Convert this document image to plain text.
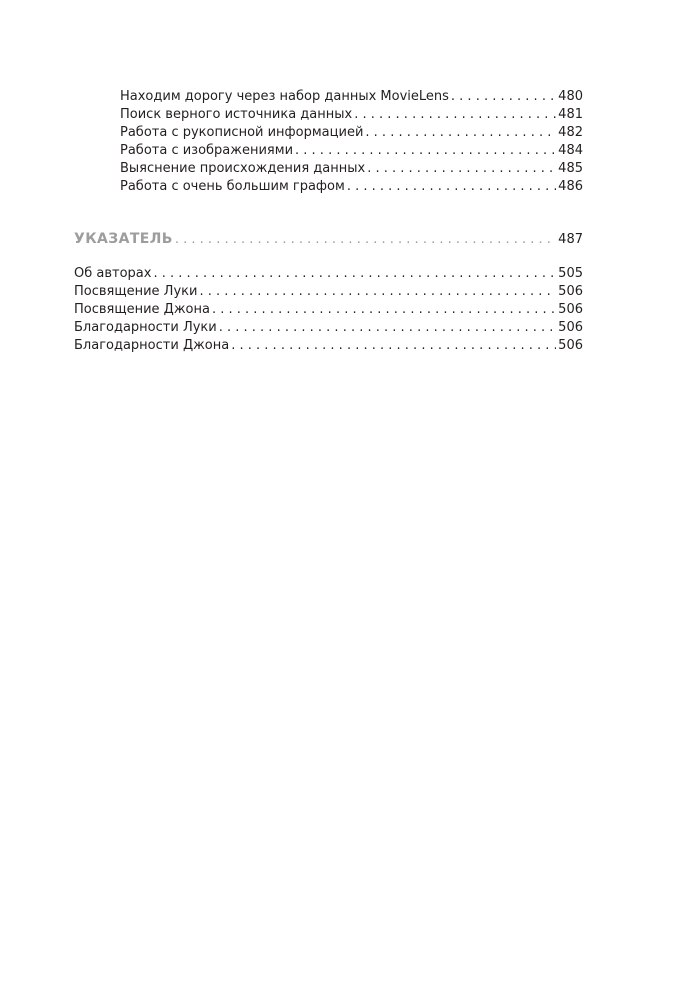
Находим дорогу через набор данных MovieLens . . .	480
Поиск верного источника данных . . .	481
Работа с рукописной информацией . . .	482
Работа с изображениями . . .	484
Выяснение происхождения данных . . .	485
Работа с очень большим графом . . .	486
УКАЗАТЕЛЬ . . .	487
Об авторах . . .	505
Посвящение Луки . . .	506
Посвящение Джона . . .	506
Благодарности Луки . . .	506
Благодарности Джона . . .	506
